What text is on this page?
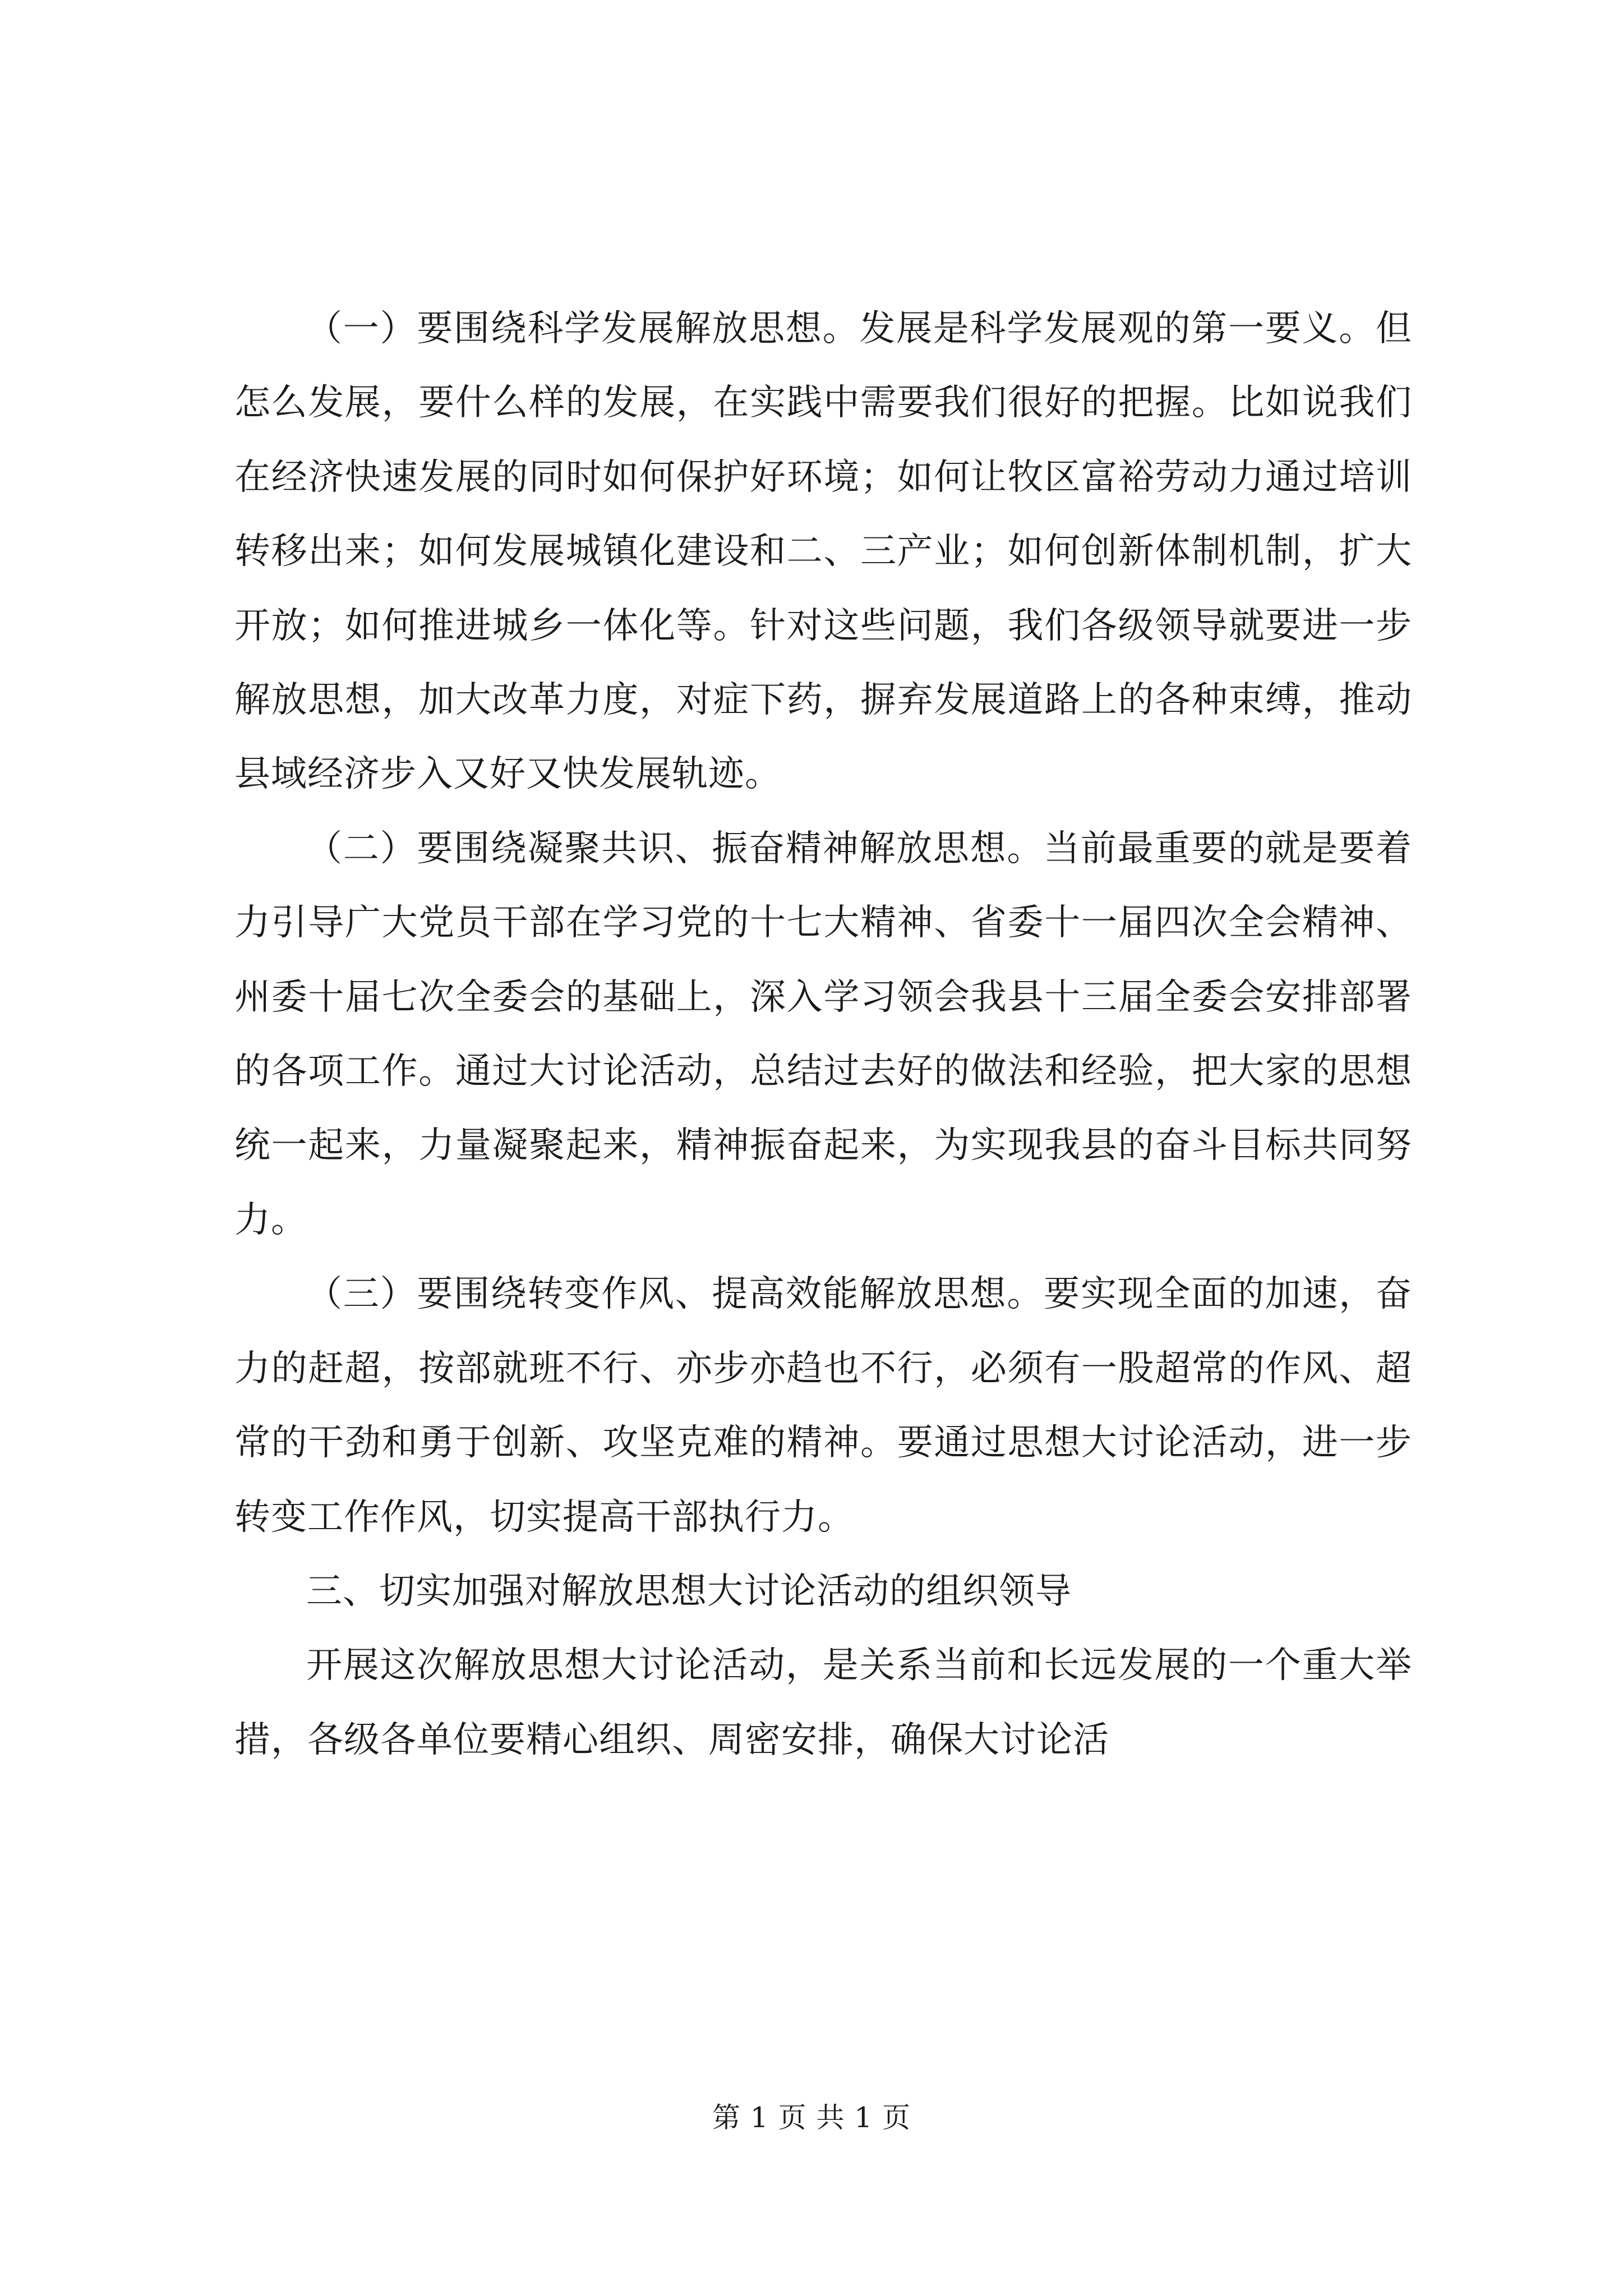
（一）要围绕科学发展解放思想。发展是科学发展观的第一要义。但怎么发展，要什么样的发展，在实践中需要我们很好的把握。比如说我们在经济快速发展的同时如何保护好环境；如何让牧区富裕劳动力通过培训转移出来；如何发展城镇化建设和二、三产业；如何创新体制机制，扩大开放；如何推进城乡一体化等。针对这些问题，我们各级领导就要进一步解放思想，加大改革力度，对症下药，摒弃发展道路上的各种束缚，推动县域经济步入又好又快发展轨迹。

（二）要围绕凝聚共识、振奋精神解放思想。当前最重要的就是要着力引导广大党员干部在学习党的十七大精神、省委十一届四次全会精神、州委十届七次全委会的基础上，深入学习领会我县十三届全委会安排部署的各项工作。通过大讨论活动，总结过去好的做法和经验，把大家的思想统一起来，力量凝聚起来，精神振奋起来，为实现我县的奋斗目标共同努力。

（三）要围绕转变作风、提高效能解放思想。要实现全面的加速，奋力的赶超，按部就班不行、亦步亦趋也不行，必须有一股超常的作风、超常的干劲和勇于创新、攻坚克难的精神。要通过思想大讨论活动，进一步转变工作作风，切实提高干部执行力。

三、切实加强对解放思想大讨论活动的组织领导

开展这次解放思想大讨论活动，是关系当前和长远发展的一个重大举措，各级各单位要精心组织、周密安排，确保大讨论活

第 1 页 共 1 页
